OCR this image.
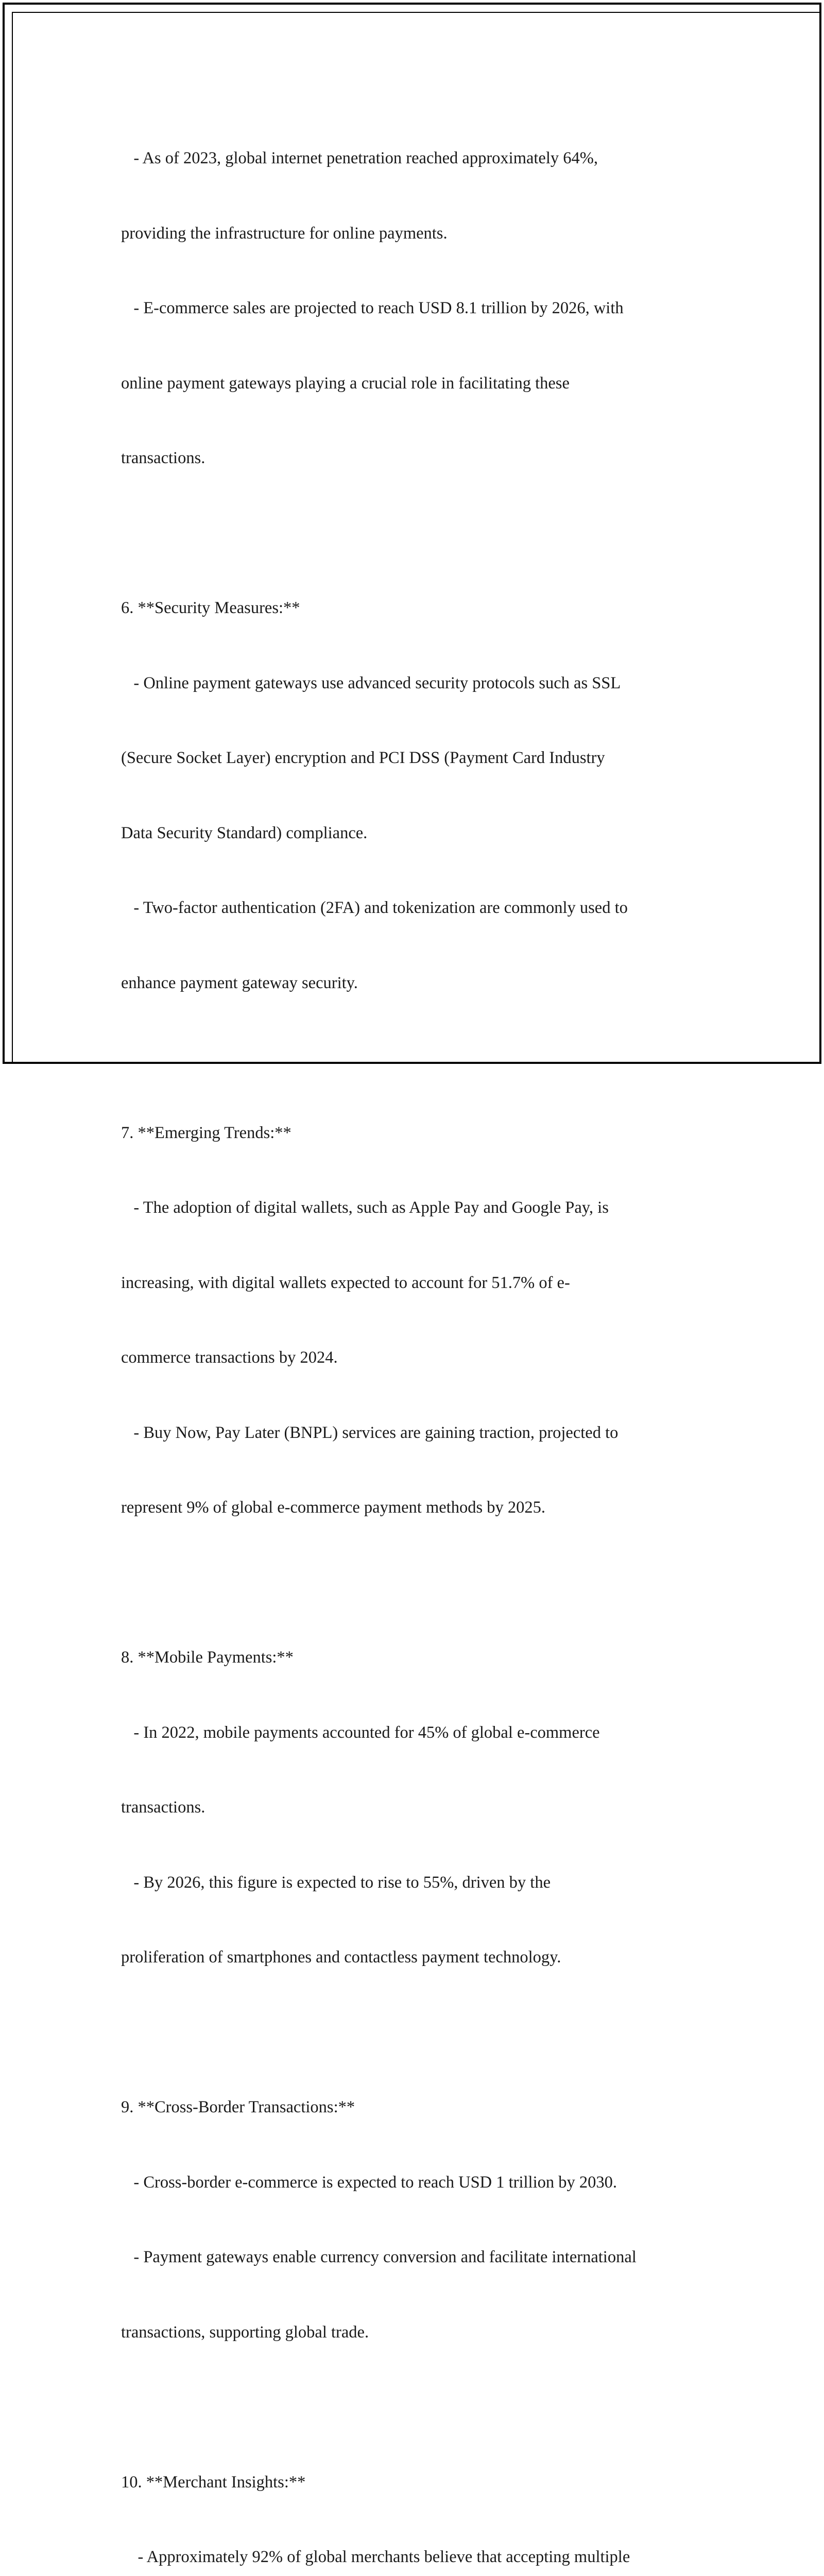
- As of 2023, global internet penetration reached approximately 64%,

providing the infrastructure for online payments.

- E-commerce sales are projected to reach USD 8.1 trillion by 2026, with

online payment gateways playing a crucial role in facilitating these

transactions.

6. **Security Measures:**

- Online payment gateways use advanced security protocols such as SSL

(Secure Socket Layer) encryption and PCI DSS (Payment Card Industry

Data Security Standard) compliance.

- Two-factor authentication (2FA) and tokenization are commonly used to

enhance payment gateway security.

7. **Emerging Trends:**

- The adoption of digital wallets, such as Apple Pay and Google Pay, is

increasing, with digital wallets expected to account for 51.7% of e-

commerce transactions by 2024.

- Buy Now, Pay Later (BNPL) services are gaining traction, projected to

represent 9% of global e-commerce payment methods by 2025.

8. **Mobile Payments:**

- In 2022, mobile payments accounted for 45% of global e-commerce

transactions.

- By 2026, this figure is expected to rise to 55%, driven by the

proliferation of smartphones and contactless payment technology.

9. **Cross-Border Transactions:**

- Cross-border e-commerce is expected to reach USD 1 trillion by 2030.

- Payment gateways enable currency conversion and facilitate international

transactions, supporting global trade.

10. **Merchant Insights:**

- Approximately 92% of global merchants believe that accepting multiple
